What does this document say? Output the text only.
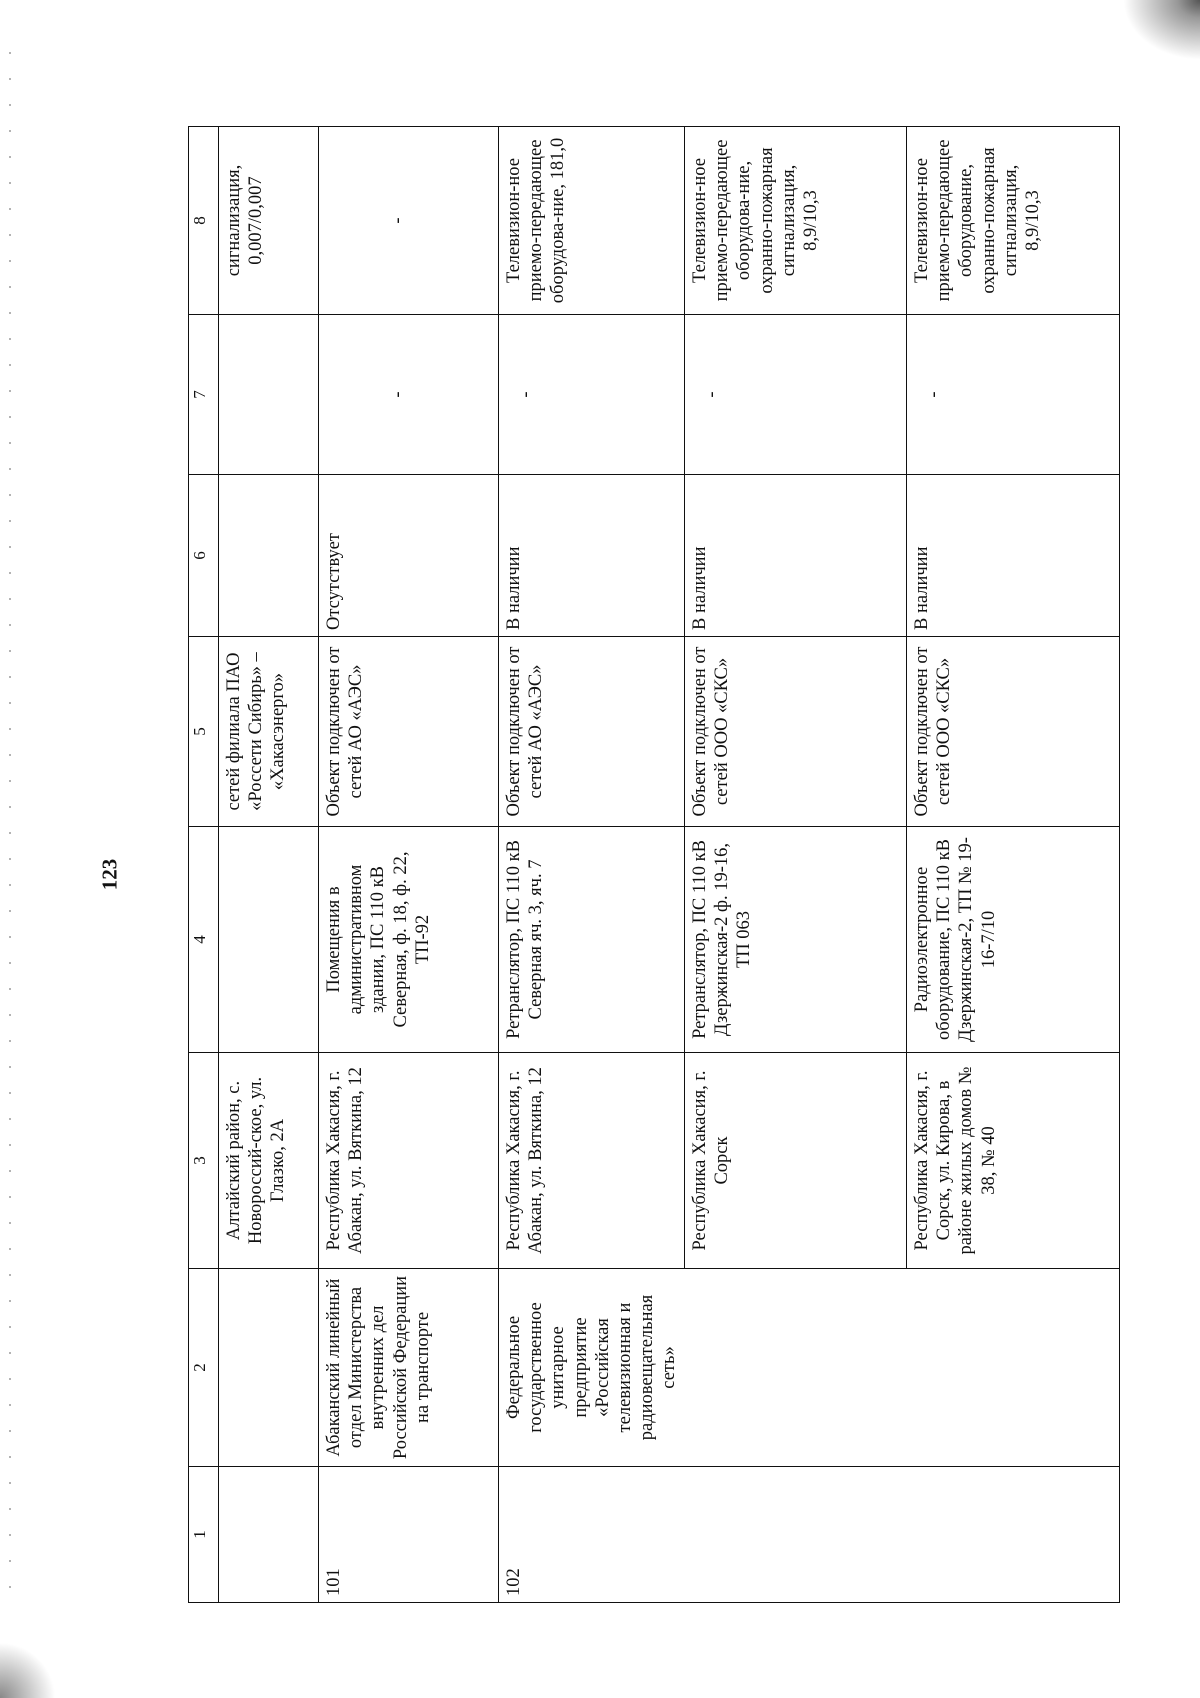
123
1	2	3	4	5	6	7	8
		Алтайский район, с. Новороссий-ское, ул. Глазко, 2А		сетей филиала ПАО «Россети Сибирь» – «Хакасэнерго»			сигнализация, 0,007/0,007
101	Абаканский линейный отдел Министерства внутренних дел Российской Федерации на транспорте	Республика Хакасия, г. Абакан, ул. Вяткина, 12	Помещения в административном здании, ПС 110 кВ Северная, ф. 18, ф. 22, ТП-92	Объект подключен от сетей АО «АЭС»	Отсутствует	-	-
102	Федеральное государственное унитарное предприятие «Российская телевизионная и радиовещательная сеть»	Республика Хакасия, г. Абакан, ул. Вяткина, 12	Ретранслятор, ПС 110 кВ Северная яч. 3, яч. 7	Объект подключен от сетей АО «АЭС»	В наличии	-	Телевизион-ное приемо-передающее оборудова-ние, 181,0
		Республика Хакасия, г. Сорск	Ретранслятор, ПС 110 кВ Дзержинская-2 ф. 19-16, ТП 063	Объект подключен от сетей ООО «СКС»	В наличии	-	Телевизион-ное приемо-передающее оборудова-ние, охранно-пожарная сигнализация, 8,9/10,3
		Республика Хакасия, г. Сорск, ул. Кирова, в районе жилых домов № 38, № 40	Радиоэлектронное оборудование, ПС 110 кВ Дзержинская-2, ТП № 19-16-7/10	Объект подключен от сетей ООО «СКС»	В наличии	-	Телевизион-ное приемо-передающее оборудование, охранно-пожарная сигнализация, 8,9/10,3
